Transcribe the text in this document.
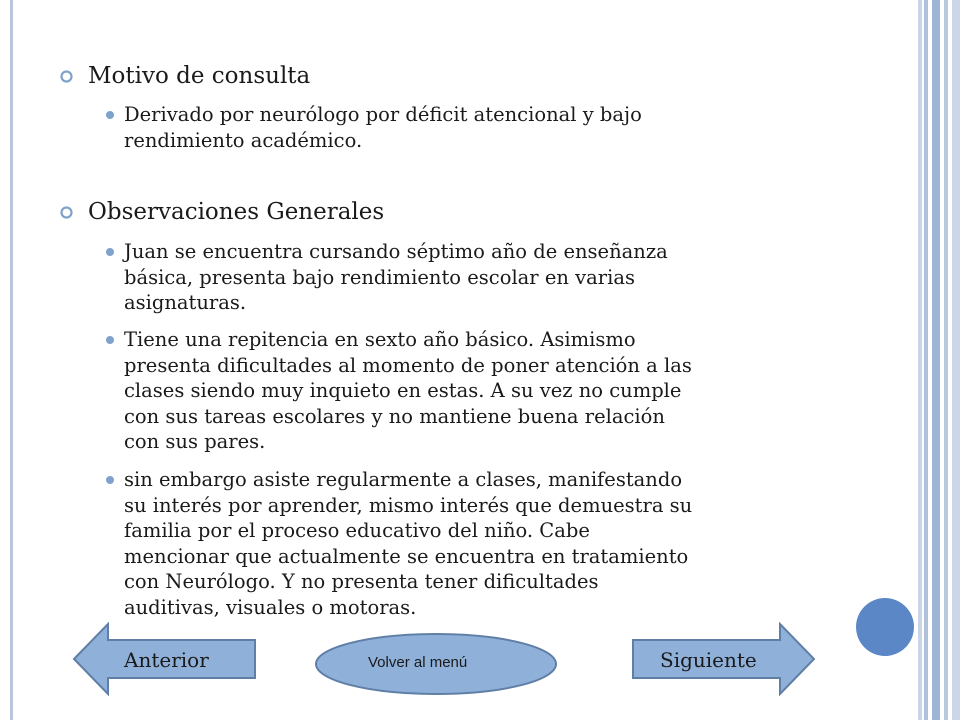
Motivo de consulta
Derivado por neurólogo por déficit atencional y bajo
rendimiento académico.
Observaciones Generales
Juan se encuentra cursando séptimo año de enseñanza
básica, presenta bajo rendimiento escolar en varias
asignaturas.
Tiene una repitencia en sexto año básico. Asimismo
presenta dificultades al momento de poner atención a las
clases siendo muy inquieto en estas. A su vez no cumple
con sus tareas escolares y no mantiene buena relación
con sus pares.
sin embargo asiste regularmente a clases, manifestando
su interés por aprender, mismo interés que demuestra su
familia por el proceso educativo del niño. Cabe
mencionar que actualmente se encuentra en tratamiento
con Neurólogo. Y no presenta tener dificultades
auditivas, visuales o motoras.
Anterior	Volver al menú	Siguiente
